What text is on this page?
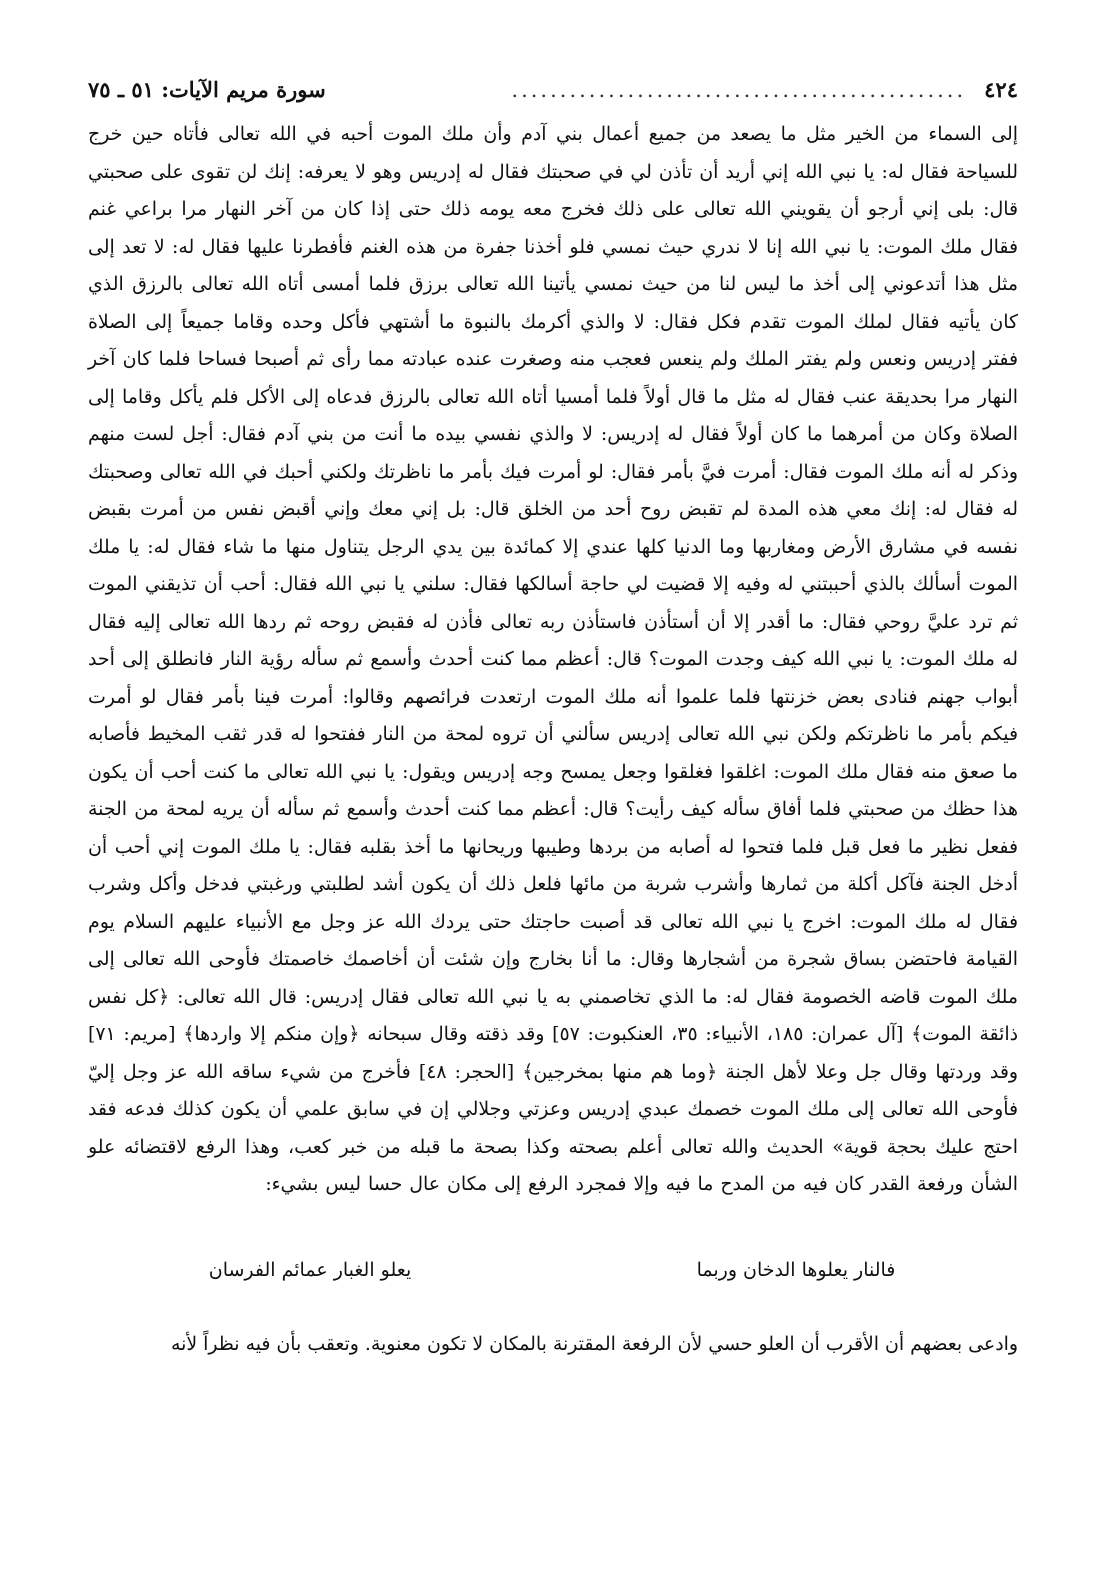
٤٢٤
...............................................
سورة مريم الآيات: ٥١ ـ ٧٥

إلى السماء من الخير مثل ما يصعد من جميع أعمال بني آدم وأن ملك الموت أحبه في الله تعالى فأتاه حين خرج للسياحة فقال له: يا نبي الله إني أريد أن تأذن لي في صحبتك فقال له إدريس وهو لا يعرفه: إنك لن تقوى على صحبتي قال: بلى إني أرجو أن يقويني الله تعالى على ذلك فخرج معه يومه ذلك حتى إذا كان من آخر النهار مرا براعي غنم فقال ملك الموت: يا نبي الله إنا لا ندري حيث نمسي فلو أخذنا جفرة من هذه الغنم فأفطرنا عليها فقال له: لا تعد إلى مثل هذا أتدعوني إلى أخذ ما ليس لنا من حيث نمسي يأتينا الله تعالى برزق فلما أمسى أتاه الله تعالى بالرزق الذي كان يأتيه فقال لملك الموت تقدم فكل فقال: لا والذي أكرمك بالنبوة ما أشتهي فأكل وحده وقاما جميعاً إلى الصلاة ففتر إدريس ونعس ولم يفتر الملك ولم ينعس فعجب منه وصغرت عنده عبادته مما رأى ثم أصبحا فساحا فلما كان آخر النهار مرا بحديقة عنب فقال له مثل ما قال أولاً فلما أمسيا أتاه الله تعالى بالرزق فدعاه إلى الأكل فلم يأكل وقاما إلى الصلاة وكان من أمرهما ما كان أولاً فقال له إدريس: لا والذي نفسي بيده ما أنت من بني آدم فقال: أجل لست منهم وذكر له أنه ملك الموت فقال: أمرت فيَّ بأمر فقال: لو أمرت فيك بأمر ما ناظرتك ولكني أحبك في الله تعالى وصحبتك له فقال له: إنك معي هذه المدة لم تقبض روح أحد من الخلق قال: بل إني معك وإني أقبض نفس من أمرت بقبض نفسه في مشارق الأرض ومغاربها وما الدنيا كلها عندي إلا كمائدة بين يدي الرجل يتناول منها ما شاء فقال له: يا ملك الموت أسألك بالذي أحببتني له وفيه إلا قضيت لي حاجة أسالكها فقال: سلني يا نبي الله فقال: أحب أن تذيقني الموت ثم ترد عليَّ روحي فقال: ما أقدر إلا أن أستأذن فاستأذن ربه تعالى فأذن له فقبض روحه ثم ردها الله تعالى إليه فقال له ملك الموت: يا نبي الله كيف وجدت الموت؟ قال: أعظم مما كنت أحدث وأسمع ثم سأله رؤية النار فانطلق إلى أحد أبواب جهنم فنادى بعض خزنتها فلما علموا أنه ملك الموت ارتعدت فرائصهم وقالوا: أمرت فينا بأمر فقال لو أمرت فيكم بأمر ما ناظرتكم ولكن نبي الله تعالى إدريس سألني أن تروه لمحة من النار ففتحوا له قدر ثقب المخيط فأصابه ما صعق منه فقال ملك الموت: اغلقوا فغلقوا وجعل يمسح وجه إدريس ويقول: يا نبي الله تعالى ما كنت أحب أن يكون هذا حظك من صحبتي فلما أفاق سأله كيف رأيت؟ قال: أعظم مما كنت أحدث وأسمع ثم سأله أن يريه لمحة من الجنة ففعل نظير ما فعل قبل فلما فتحوا له أصابه من بردها وطيبها وريحانها ما أخذ بقلبه فقال: يا ملك الموت إني أحب أن أدخل الجنة فآكل أكلة من ثمارها وأشرب شربة من مائها فلعل ذلك أن يكون أشد لطلبتي ورغبتي فدخل وأكل وشرب فقال له ملك الموت: اخرج يا نبي الله تعالى قد أصبت حاجتك حتى يردك الله عز وجل مع الأنبياء عليهم السلام يوم القيامة فاحتضن بساق شجرة من أشجارها وقال: ما أنا بخارج وإن شئت أن أخاصمك خاصمتك فأوحى الله تعالى إلى ملك الموت قاضه الخصومة فقال له: ما الذي تخاصمني به يا نبي الله تعالى فقال إدريس: قال الله تعالى: ﴿كل نفس ذائقة الموت﴾ [آل عمران: ١٨٥، الأنبياء: ٣٥، العنكبوت: ٥٧] وقد ذقته وقال سبحانه ﴿وإن منكم إلا واردها﴾ [مريم: ٧١] وقد وردتها وقال جل وعلا لأهل الجنة ﴿وما هم منها بمخرجين﴾ [الحجر: ٤٨] فأخرج من شيء ساقه الله عز وجل إليّ فأوحى الله تعالى إلى ملك الموت خصمك عبدي إدريس وعزتي وجلالي إن في سابق علمي أن يكون كذلك فدعه فقد احتج عليك بحجة قوية» الحديث والله تعالى أعلم بصحته وكذا بصحة ما قبله من خبر كعب، وهذا الرفع لاقتضائه علو الشأن ورفعة القدر كان فيه من المدح ما فيه وإلا فمجرد الرفع إلى مكان عال حسا ليس بشيء:

فالنار يعلوها الدخان وربما
يعلو الغبار عمائم الفرسان

وادعى بعضهم أن الأقرب أن العلو حسي لأن الرفعة المقترنة بالمكان لا تكون معنوية. وتعقب بأن فيه نظراً لأنه
